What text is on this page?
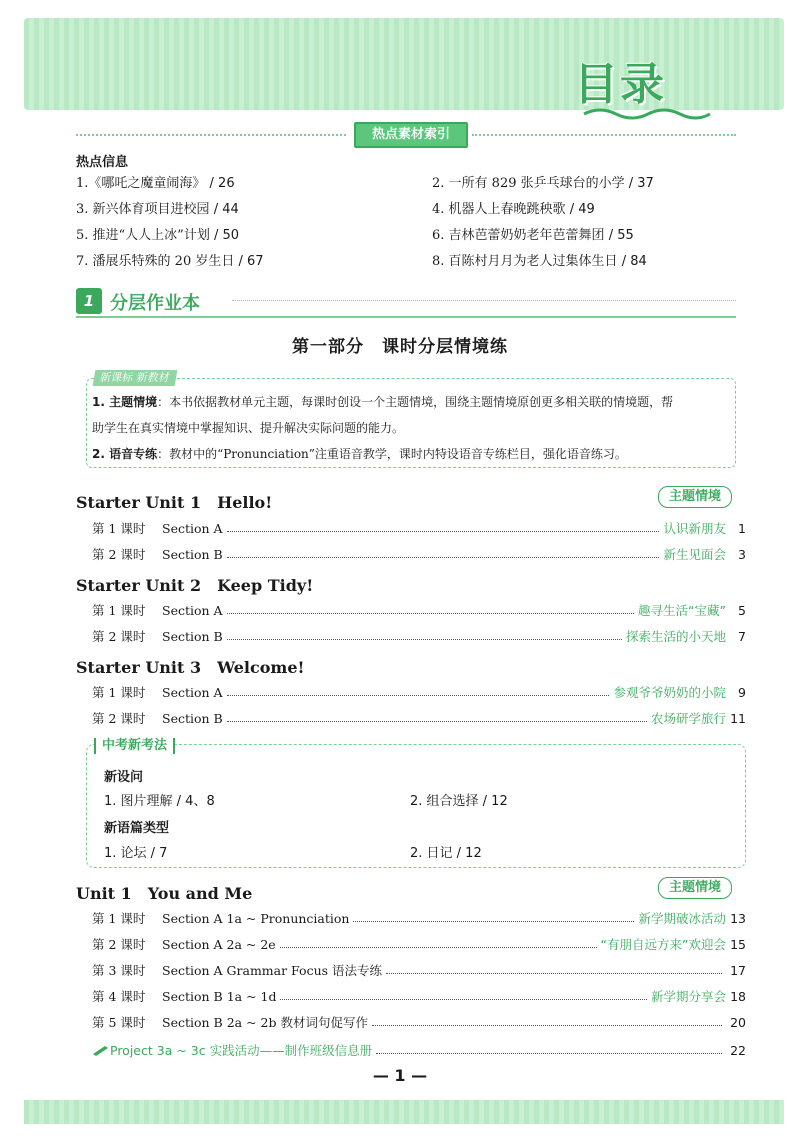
目录
热点素材索引
热点信息
1.《哪吒之魔童闹海》 / 26	2. 一所有 829 张乒乓球台的小学 / 37
3. 新兴体育项目进校园 / 44	4. 机器人上春晚跳秧歌 / 49
5. 推进“人人上冰”计划 / 50	6. 吉林芭蕾奶奶老年芭蕾舞团 / 55
7. 潘展乐特殊的 20 岁生日 / 67	8. 百陈村月月为老人过集体生日 / 84
1 分层作业本
第一部分　课时分层情境练
新课标 新教材
1. 主题情境：本书依据教材单元主题，每课时创设一个主题情境，围绕主题情境原创更多相关联的情境题，帮
助学生在真实情境中掌握知识、提升解决实际问题的能力。
2. 语音专练：教材中的“Pronunciation”注重语音教学，课时内特设语音专练栏目，强化语音练习。
主题情境
Starter Unit 1　Hello!
第 1 课时	Section A	认识新朋友 1
第 2 课时	Section B	新生见面会 3
Starter Unit 2　Keep Tidy!
第 1 课时	Section A	趣寻生活“宝藏” 5
第 2 课时	Section B	探索生活的小天地 7
Starter Unit 3　Welcome!
第 1 课时	Section A	参观爷爷奶奶的小院 9
第 2 课时	Section B	农场研学旅行 11
中考新考法
新设问
1. 图片理解 / 4、8	2. 组合选择 / 12
新语篇类型
1. 论坛 / 7	2. 日记 / 12
主题情境
Unit 1　You and Me
第 1 课时	Section A 1a ~ Pronunciation	新学期破冰活动 13
第 2 课时	Section A 2a ~ 2e	“有朋自远方来”欢迎会 15
第 3 课时	Section A Grammar Focus 语法专练	17
第 4 课时	Section B 1a ~ 1d	新学期分享会 18
第 5 课时	Section B 2a ~ 2b 教材词句促写作	20
Project 3a ~ 3c 实践活动——制作班级信息册	22
— 1 —
